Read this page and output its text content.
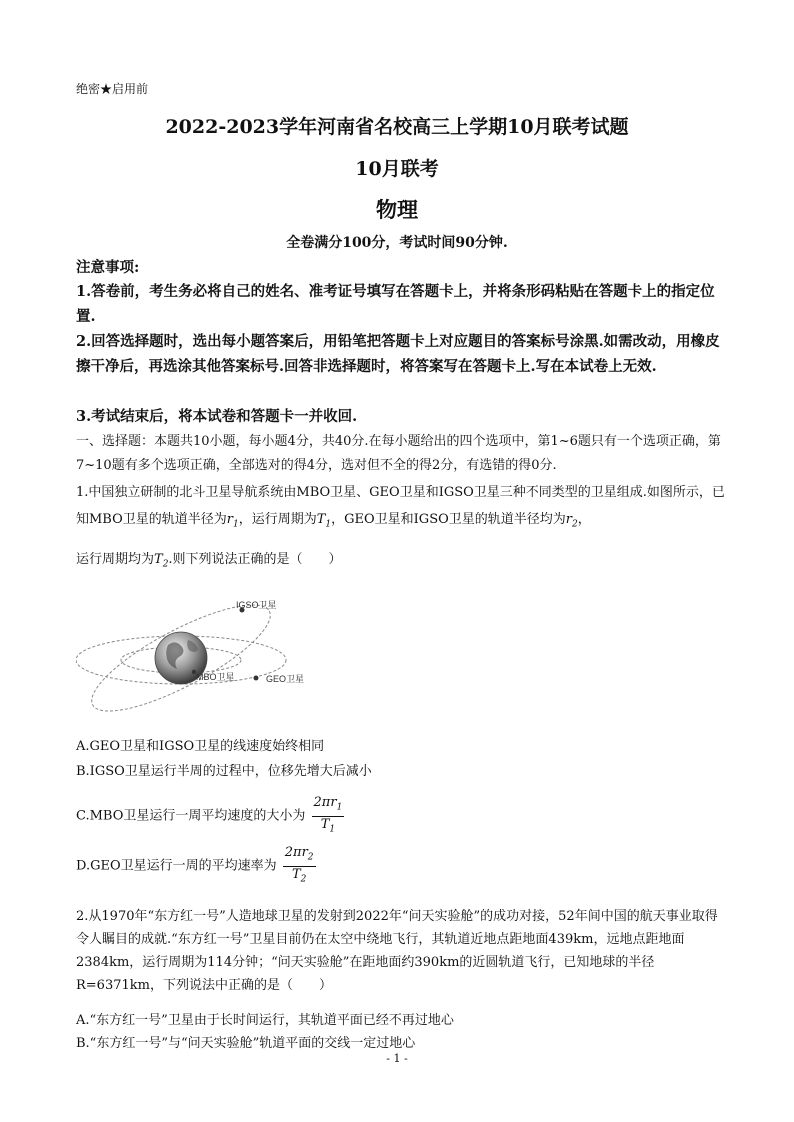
绝密★启用前
2022-2023学年河南省名校高三上学期10月联考试题
10月联考
物理
全卷满分100分，考试时间90分钟.
注意事项:
1.答卷前，考生务必将自己的姓名、准考证号填写在答题卡上，并将条形码粘贴在答题卡上的指定位置.
2.回答选择题时，选出每小题答案后，用铅笔把答题卡上对应题目的答案标号涂黑.如需改动，用橡皮擦干净后，再选涂其他答案标号.回答非选择题时，将答案写在答题卡上.写在本试卷上无效.
3.考试结束后，将本试卷和答题卡一并收回.
一、选择题：本题共10小题，每小题4分，共40分.在每小题给出的四个选项中，第1~6题只有一个选项正确，第7~10题有多个选项正确，全部选对的得4分，选对但不全的得2分，有选错的得0分.
1.中国独立研制的北斗卫星导航系统由MBO卫星、GEO卫星和IGSO卫星三种不同类型的卫星组成.如图所示，已知MBO卫星的轨道半径为$r_1$，运行周期为$T_1$，GEO卫星和IGSO卫星的轨道半径均为$r_2$，
运行周期均为$T_2$.则下列说法正确的是（　　）
IGSO卫星
MBO卫星	GEO卫星
A.GEO卫星和IGSO卫星的线速度始终相同
B.IGSO卫星运行半周的过程中，位移先增大后减小
C.MBO卫星运行一周平均速度的大小为 $\frac{2\pi r_1}{T_1}$
D.GEO卫星运行一周的平均速率为 $\frac{2\pi r_2}{T_2}$
2.从1970年“东方红一号”人造地球卫星的发射到2022年“问天实验舱”的成功对接，52年间中国的航天事业取得令人瞩目的成就.“东方红一号”卫星目前仍在太空中绕地飞行，其轨道近地点距地面439km，远地点距地面2384km，运行周期为114分钟；“问天实验舱”在距地面约390km的近圆轨道飞行，已知地球的半径R=6371km，下列说法中正确的是（　　）
A.“东方红一号”卫星由于长时间运行，其轨道平面已经不再过地心
B.“东方红一号”与“问天实验舱”轨道平面的交线一定过地心
- 1 -
